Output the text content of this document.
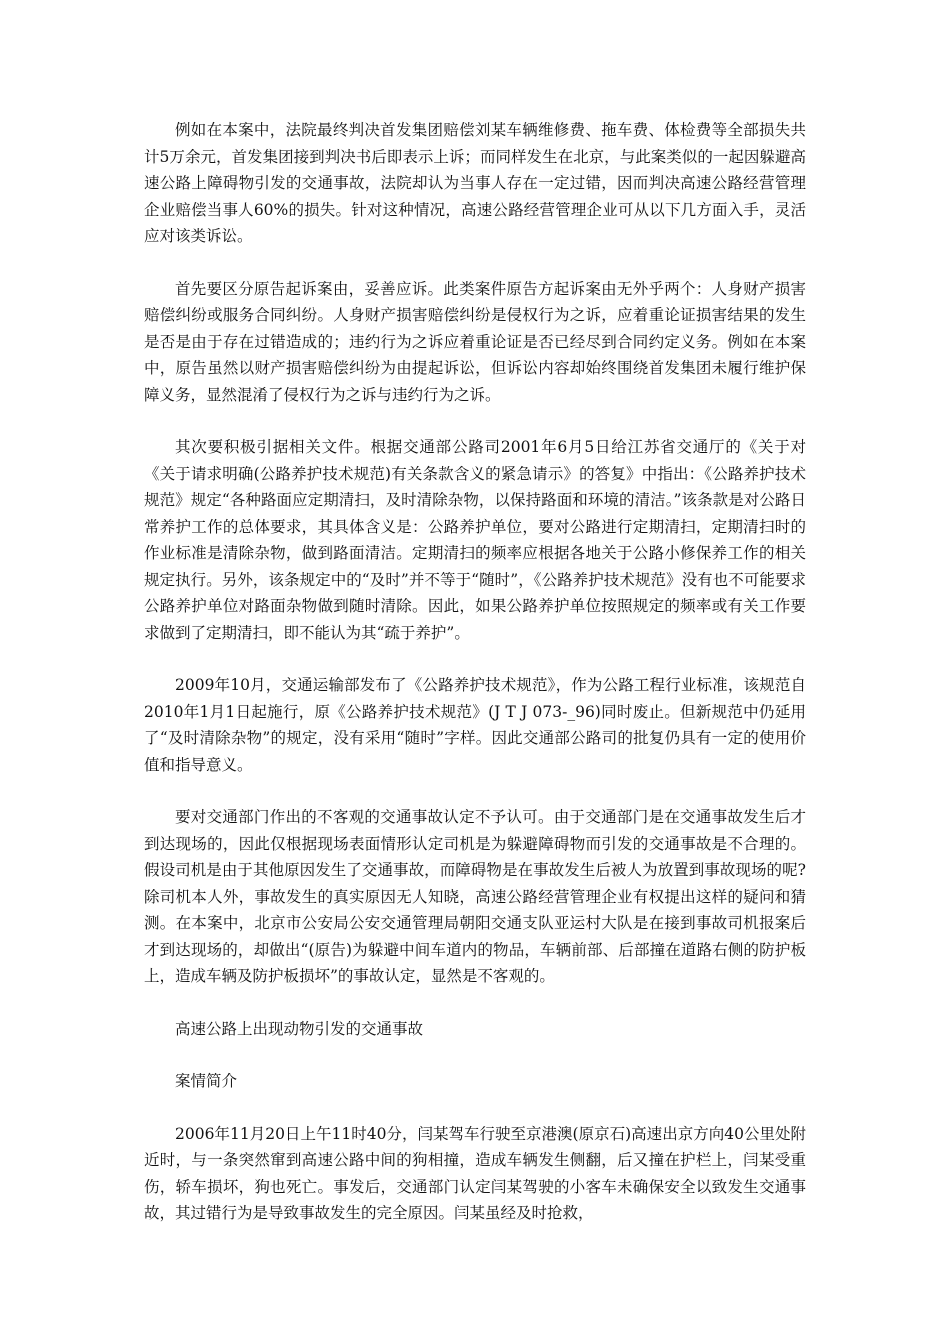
例如在本案中，法院最终判决首发集团赔偿刘某车辆维修费、拖车费、体检费等全部损失共计5万余元，首发集团接到判决书后即表示上诉；而同样发生在北京，与此案类似的一起因躲避高速公路上障碍物引发的交通事故，法院却认为当事人存在一定过错，因而判决高速公路经营管理企业赔偿当事人60%的损失。针对这种情况，高速公路经营管理企业可从以下几方面入手，灵活应对该类诉讼。

首先要区分原告起诉案由，妥善应诉。此类案件原告方起诉案由无外乎两个：人身财产损害赔偿纠纷或服务合同纠纷。人身财产损害赔偿纠纷是侵权行为之诉，应着重论证损害结果的发生是否是由于存在过错造成的；违约行为之诉应着重论证是否已经尽到合同约定义务。例如在本案中，原告虽然以财产损害赔偿纠纷为由提起诉讼，但诉讼内容却始终围绕首发集团未履行维护保障义务，显然混淆了侵权行为之诉与违约行为之诉。

其次要积极引据相关文件。根据交通部公路司2001年6月5日给江苏省交通厅的《关于对《关于请求明确(公路养护技术规范)有关条款含义的紧急请示》的答复》中指出：《公路养护技术规范》规定“各种路面应定期清扫，及时清除杂物，以保持路面和环境的清洁。”该条款是对公路日常养护工作的总体要求，其具体含义是：公路养护单位，要对公路进行定期清扫，定期清扫时的作业标准是清除杂物，做到路面清洁。定期清扫的频率应根据各地关于公路小修保养工作的相关规定执行。另外，该条规定中的“及时”并不等于“随时”，《公路养护技术规范》没有也不可能要求公路养护单位对路面杂物做到随时清除。因此，如果公路养护单位按照规定的频率或有关工作要求做到了定期清扫，即不能认为其“疏于养护”。

2009年10月，交通运输部发布了《公路养护技术规范》，作为公路工程行业标准，该规范自2010年1月1日起施行，原《公路养护技术规范》(J T J 073-_96)同时废止。但新规范中仍延用了“及时清除杂物”的规定，没有采用“随时”字样。因此交通部公路司的批复仍具有一定的使用价值和指导意义。

要对交通部门作出的不客观的交通事故认定不予认可。由于交通部门是在交通事故发生后才到达现场的，因此仅根据现场表面情形认定司机是为躲避障碍物而引发的交通事故是不合理的。假设司机是由于其他原因发生了交通事故，而障碍物是在事故发生后被人为放置到事故现场的呢?除司机本人外，事故发生的真实原因无人知晓，高速公路经营管理企业有权提出这样的疑问和猜测。在本案中，北京市公安局公安交通管理局朝阳交通支队亚运村大队是在接到事故司机报案后才到达现场的，却做出“(原告)为躲避中间车道内的物品，车辆前部、后部撞在道路右侧的防护板上，造成车辆及防护板损坏”的事故认定，显然是不客观的。

高速公路上出现动物引发的交通事故

案情简介

2006年11月20日上午11时40分，闫某驾车行驶至京港澳(原京石)高速出京方向40公里处附近时，与一条突然窜到高速公路中间的狗相撞，造成车辆发生侧翻，后又撞在护栏上，闫某受重伤，轿车损坏，狗也死亡。事发后，交通部门认定闫某驾驶的小客车未确保安全以致发生交通事故，其过错行为是导致事故发生的完全原因。闫某虽经及时抢救，
